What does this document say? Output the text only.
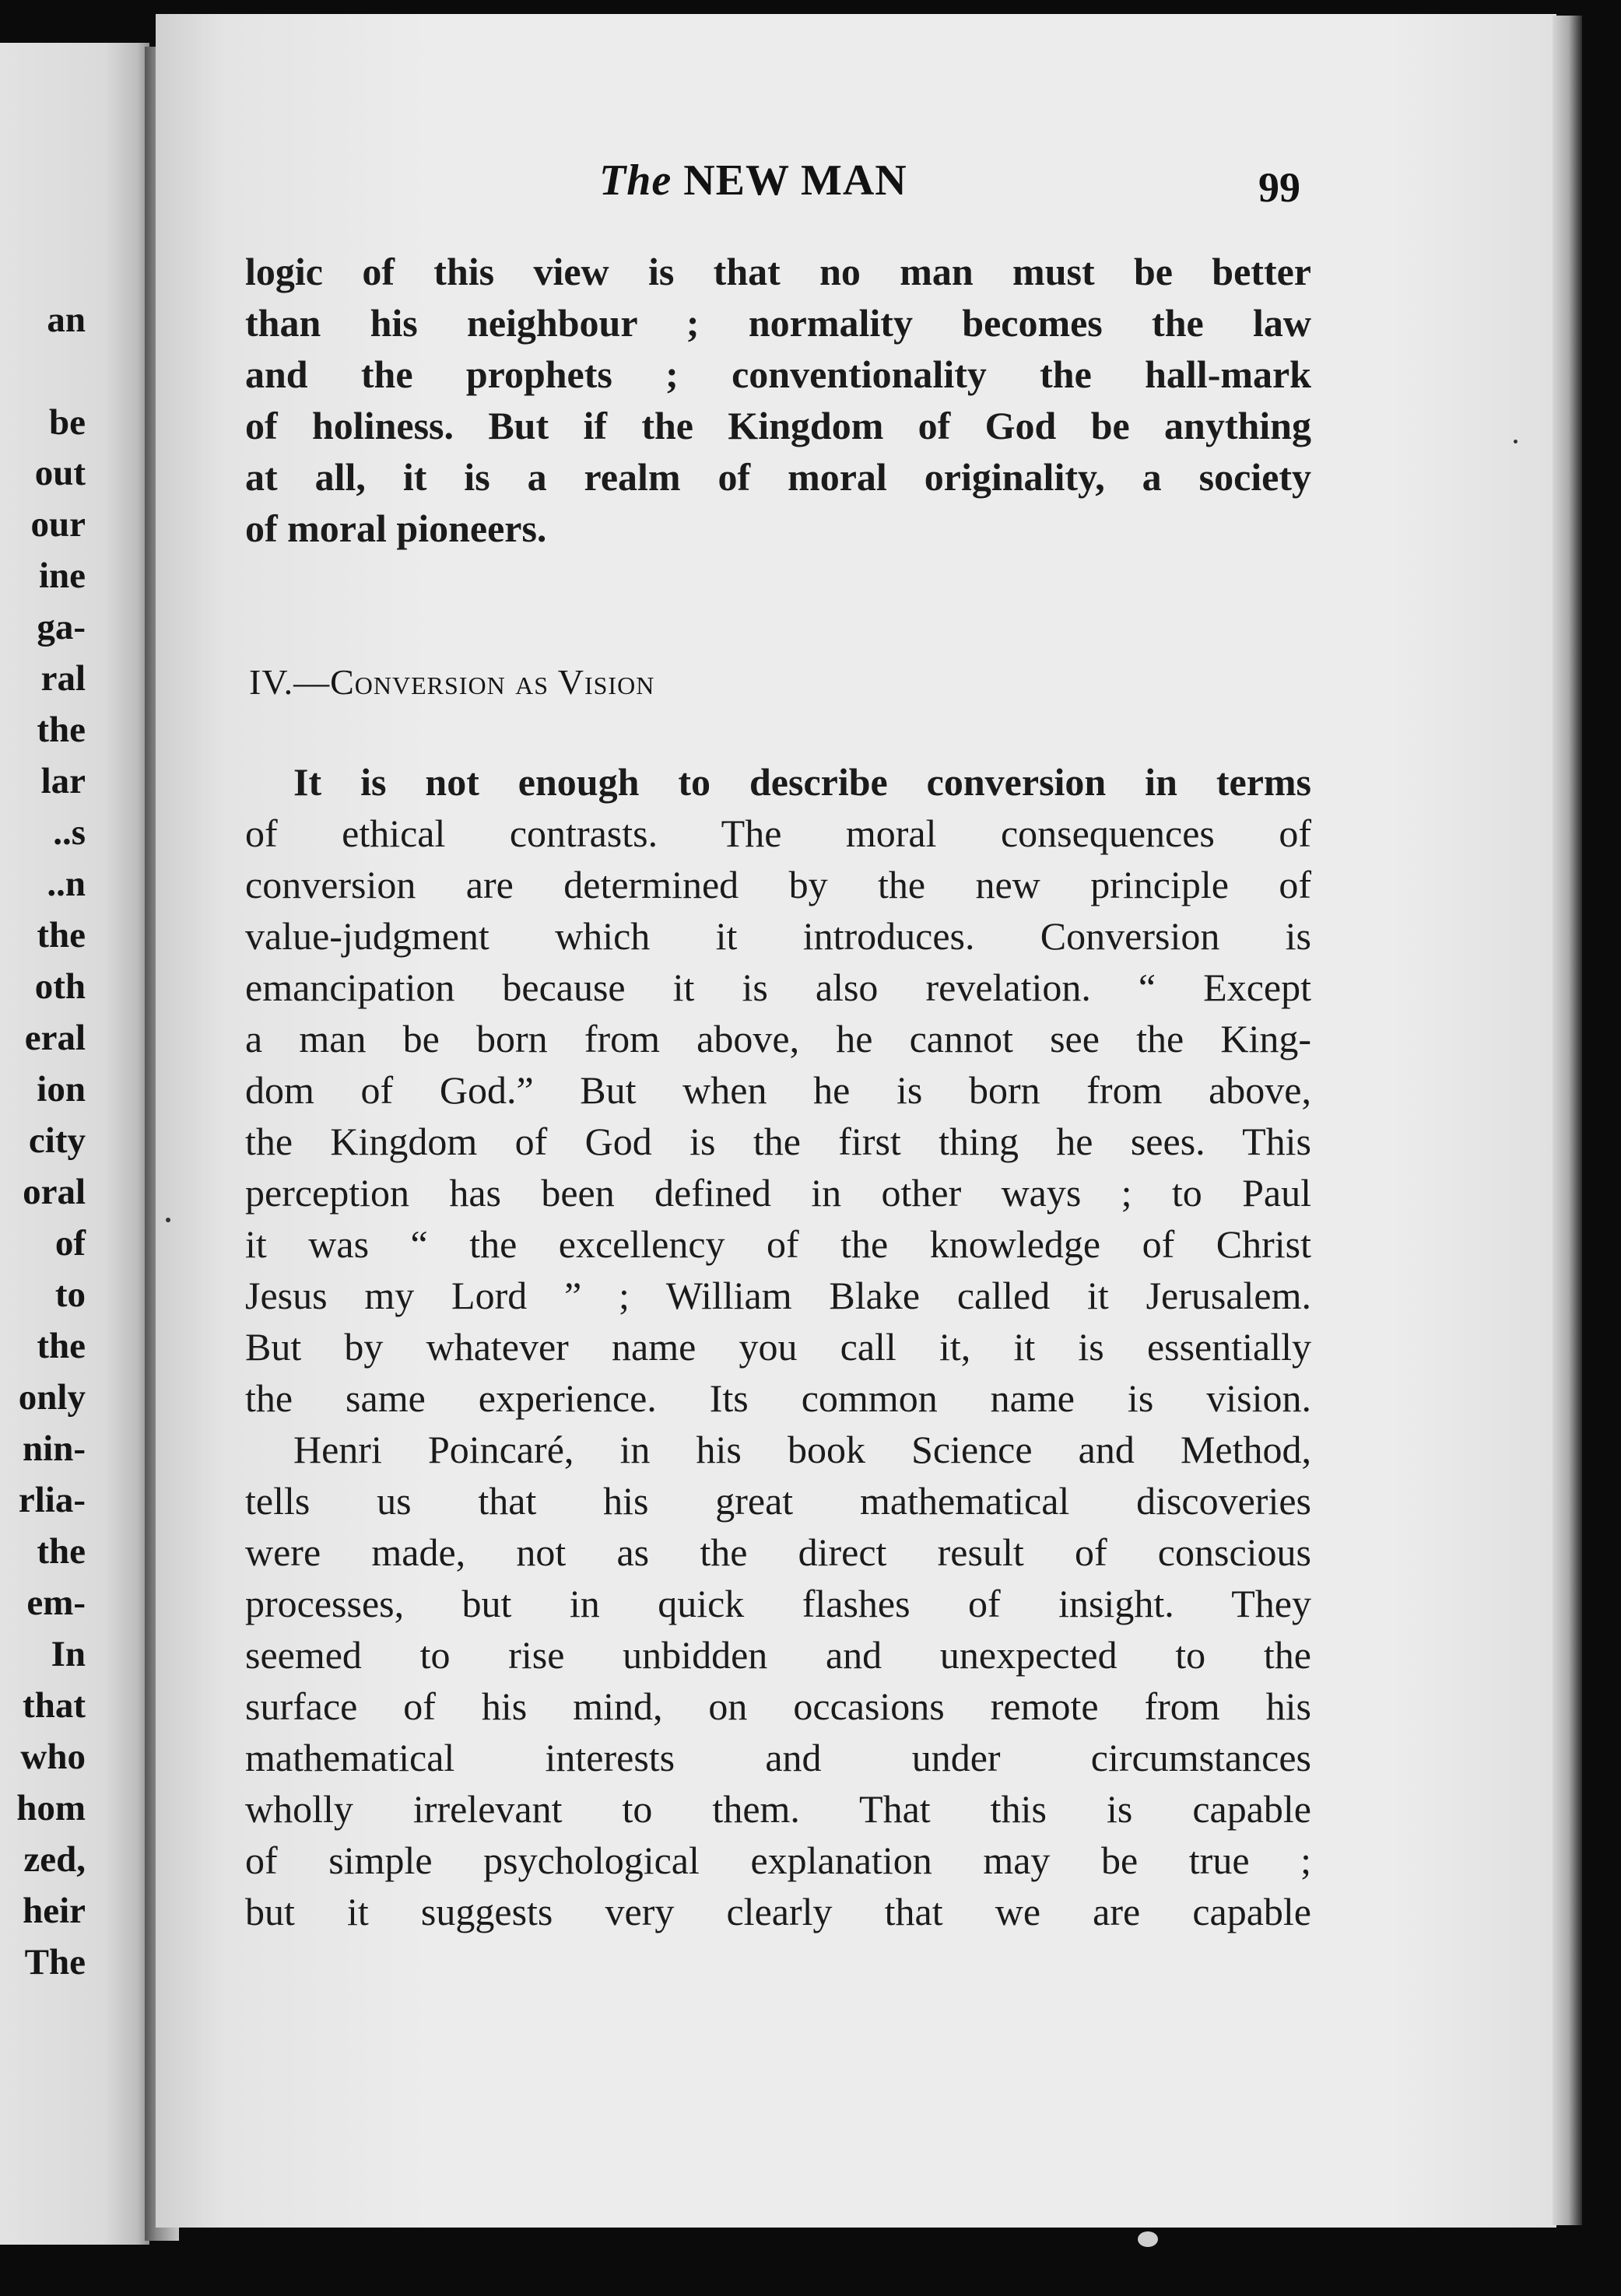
an

be

out

our

ine

ga-

ral

the

lar

..s

..n

the

oth

eral

ion

city

oral

of

to

the

only

nin-

rlia-

the

em-

In

that

who

hom

zed,

heir

The

The NEW MAN	99

logic of this view is that no man must be better

than his neighbour ; normality becomes the law

and the prophets ; conventionality the hall-mark

of holiness. But if the Kingdom of God be anything

at all, it is a realm of moral originality, a society

of moral pioneers.

IV.—Conversion as Vision

It is not enough to describe conversion in terms

of ethical contrasts. The moral consequences of

conversion are determined by the new principle of

value-judgment which it introduces. Conversion is

emancipation because it is also revelation. “ Except

a man be born from above, he cannot see the King-

dom of God.” But when he is born from above,

the Kingdom of God is the first thing he sees. This

perception has been defined in other ways ; to Paul

it was “ the excellency of the knowledge of Christ

Jesus my Lord ” ; William Blake called it Jerusalem.

But by whatever name you call it, it is essentially

the same experience. Its common name is vision.

Henri Poincaré, in his book Science and Method,

tells us that his great mathematical discoveries

were made, not as the direct result of conscious

processes, but in quick flashes of insight. They

seemed to rise unbidden and unexpected to the

surface of his mind, on occasions remote from his

mathematical interests and under circumstances

wholly irrelevant to them. That this is capable

of simple psychological explanation may be true ;

but it suggests very clearly that we are capable
